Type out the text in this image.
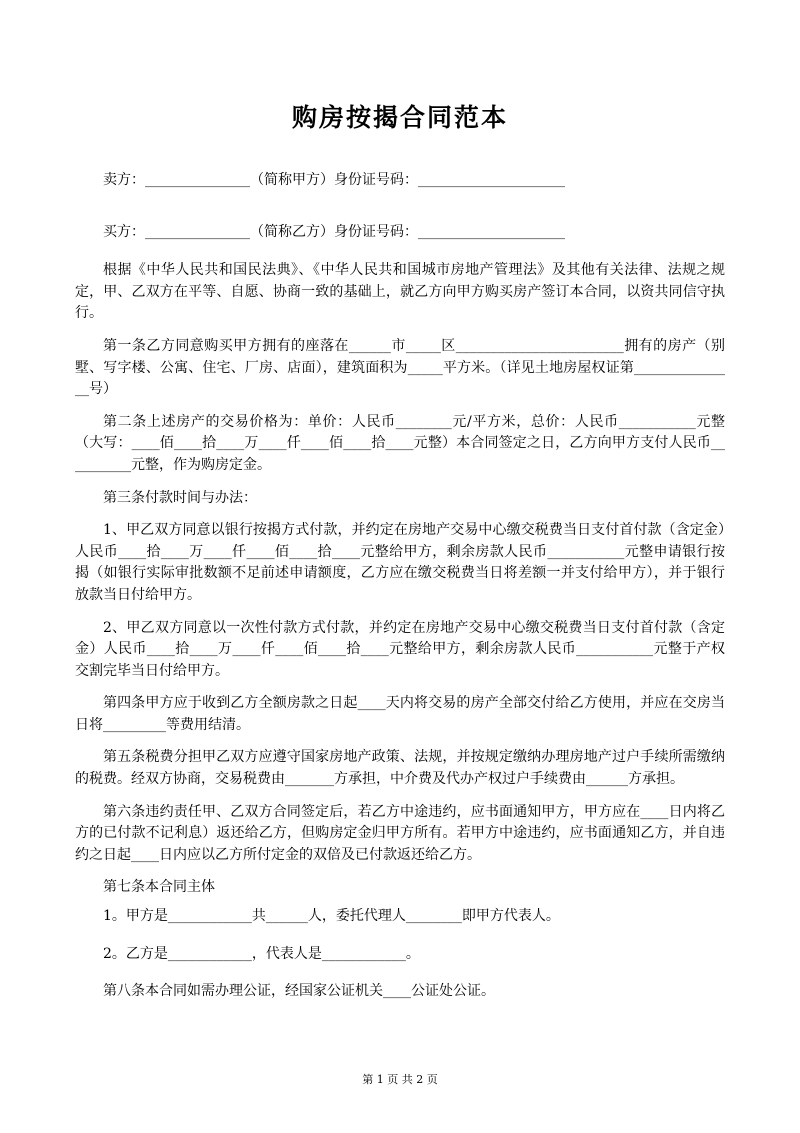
购房按揭合同范本

卖方：_______________（简称甲方）身份证号码：_____________________

买方：_______________（简称乙方）身份证号码：_____________________

根据《中华人民共和国民法典》、《中华人民共和国城市房地产管理法》及其他有关法律、法规之规定，甲、乙双方在平等、自愿、协商一致的基础上，就乙方向甲方购买房产签订本合同，以资共同信守执行。

第一条乙方同意购买甲方拥有的座落在______市_____区________________________拥有的房产（别墅、写字楼、公寓、住宅、厂房、店面），建筑面积为_____平方米。（详见土地房屋权证第_______________号）

第二条上述房产的交易价格为：单价：人民币________元/平方米，总价：人民币___________元整（大写：____佰____拾____万____仟____佰____拾____元整）本合同签定之日，乙方向甲方支付人民币__________元整，作为购房定金。

第三条付款时间与办法：

1、甲乙双方同意以银行按揭方式付款，并约定在房地产交易中心缴交税费当日支付首付款（含定金）人民币____拾____万____仟____佰____拾____元整给甲方，剩余房款人民币___________元整申请银行按揭（如银行实际审批数额不足前述申请额度，乙方应在缴交税费当日将差额一并支付给甲方），并于银行放款当日付给甲方。

2、甲乙双方同意以一次性付款方式付款，并约定在房地产交易中心缴交税费当日支付首付款（含定金）人民币____拾____万____仟____佰____拾____元整给甲方，剩余房款人民币___________元整于产权交割完毕当日付给甲方。

第四条甲方应于收到乙方全额房款之日起____天内将交易的房产全部交付给乙方使用，并应在交房当日将_________等费用结清。

第五条税费分担甲乙双方应遵守国家房地产政策、法规，并按规定缴纳办理房地产过户手续所需缴纳的税费。经双方协商，交易税费由_______方承担，中介费及代办产权过户手续费由______方承担。

第六条违约责任甲、乙双方合同签定后，若乙方中途违约，应书面通知甲方，甲方应在____日内将乙方的已付款不记利息）返还给乙方，但购房定金归甲方所有。若甲方中途违约，应书面通知乙方，并自违约之日起____日内应以乙方所付定金的双倍及已付款返还给乙方。

第七条本合同主体

1。甲方是____________共______人，委托代理人________即甲方代表人。

2。乙方是____________，代表人是____________。

第八条本合同如需办理公证，经国家公证机关____公证处公证。

第 1 页 共 2 页
